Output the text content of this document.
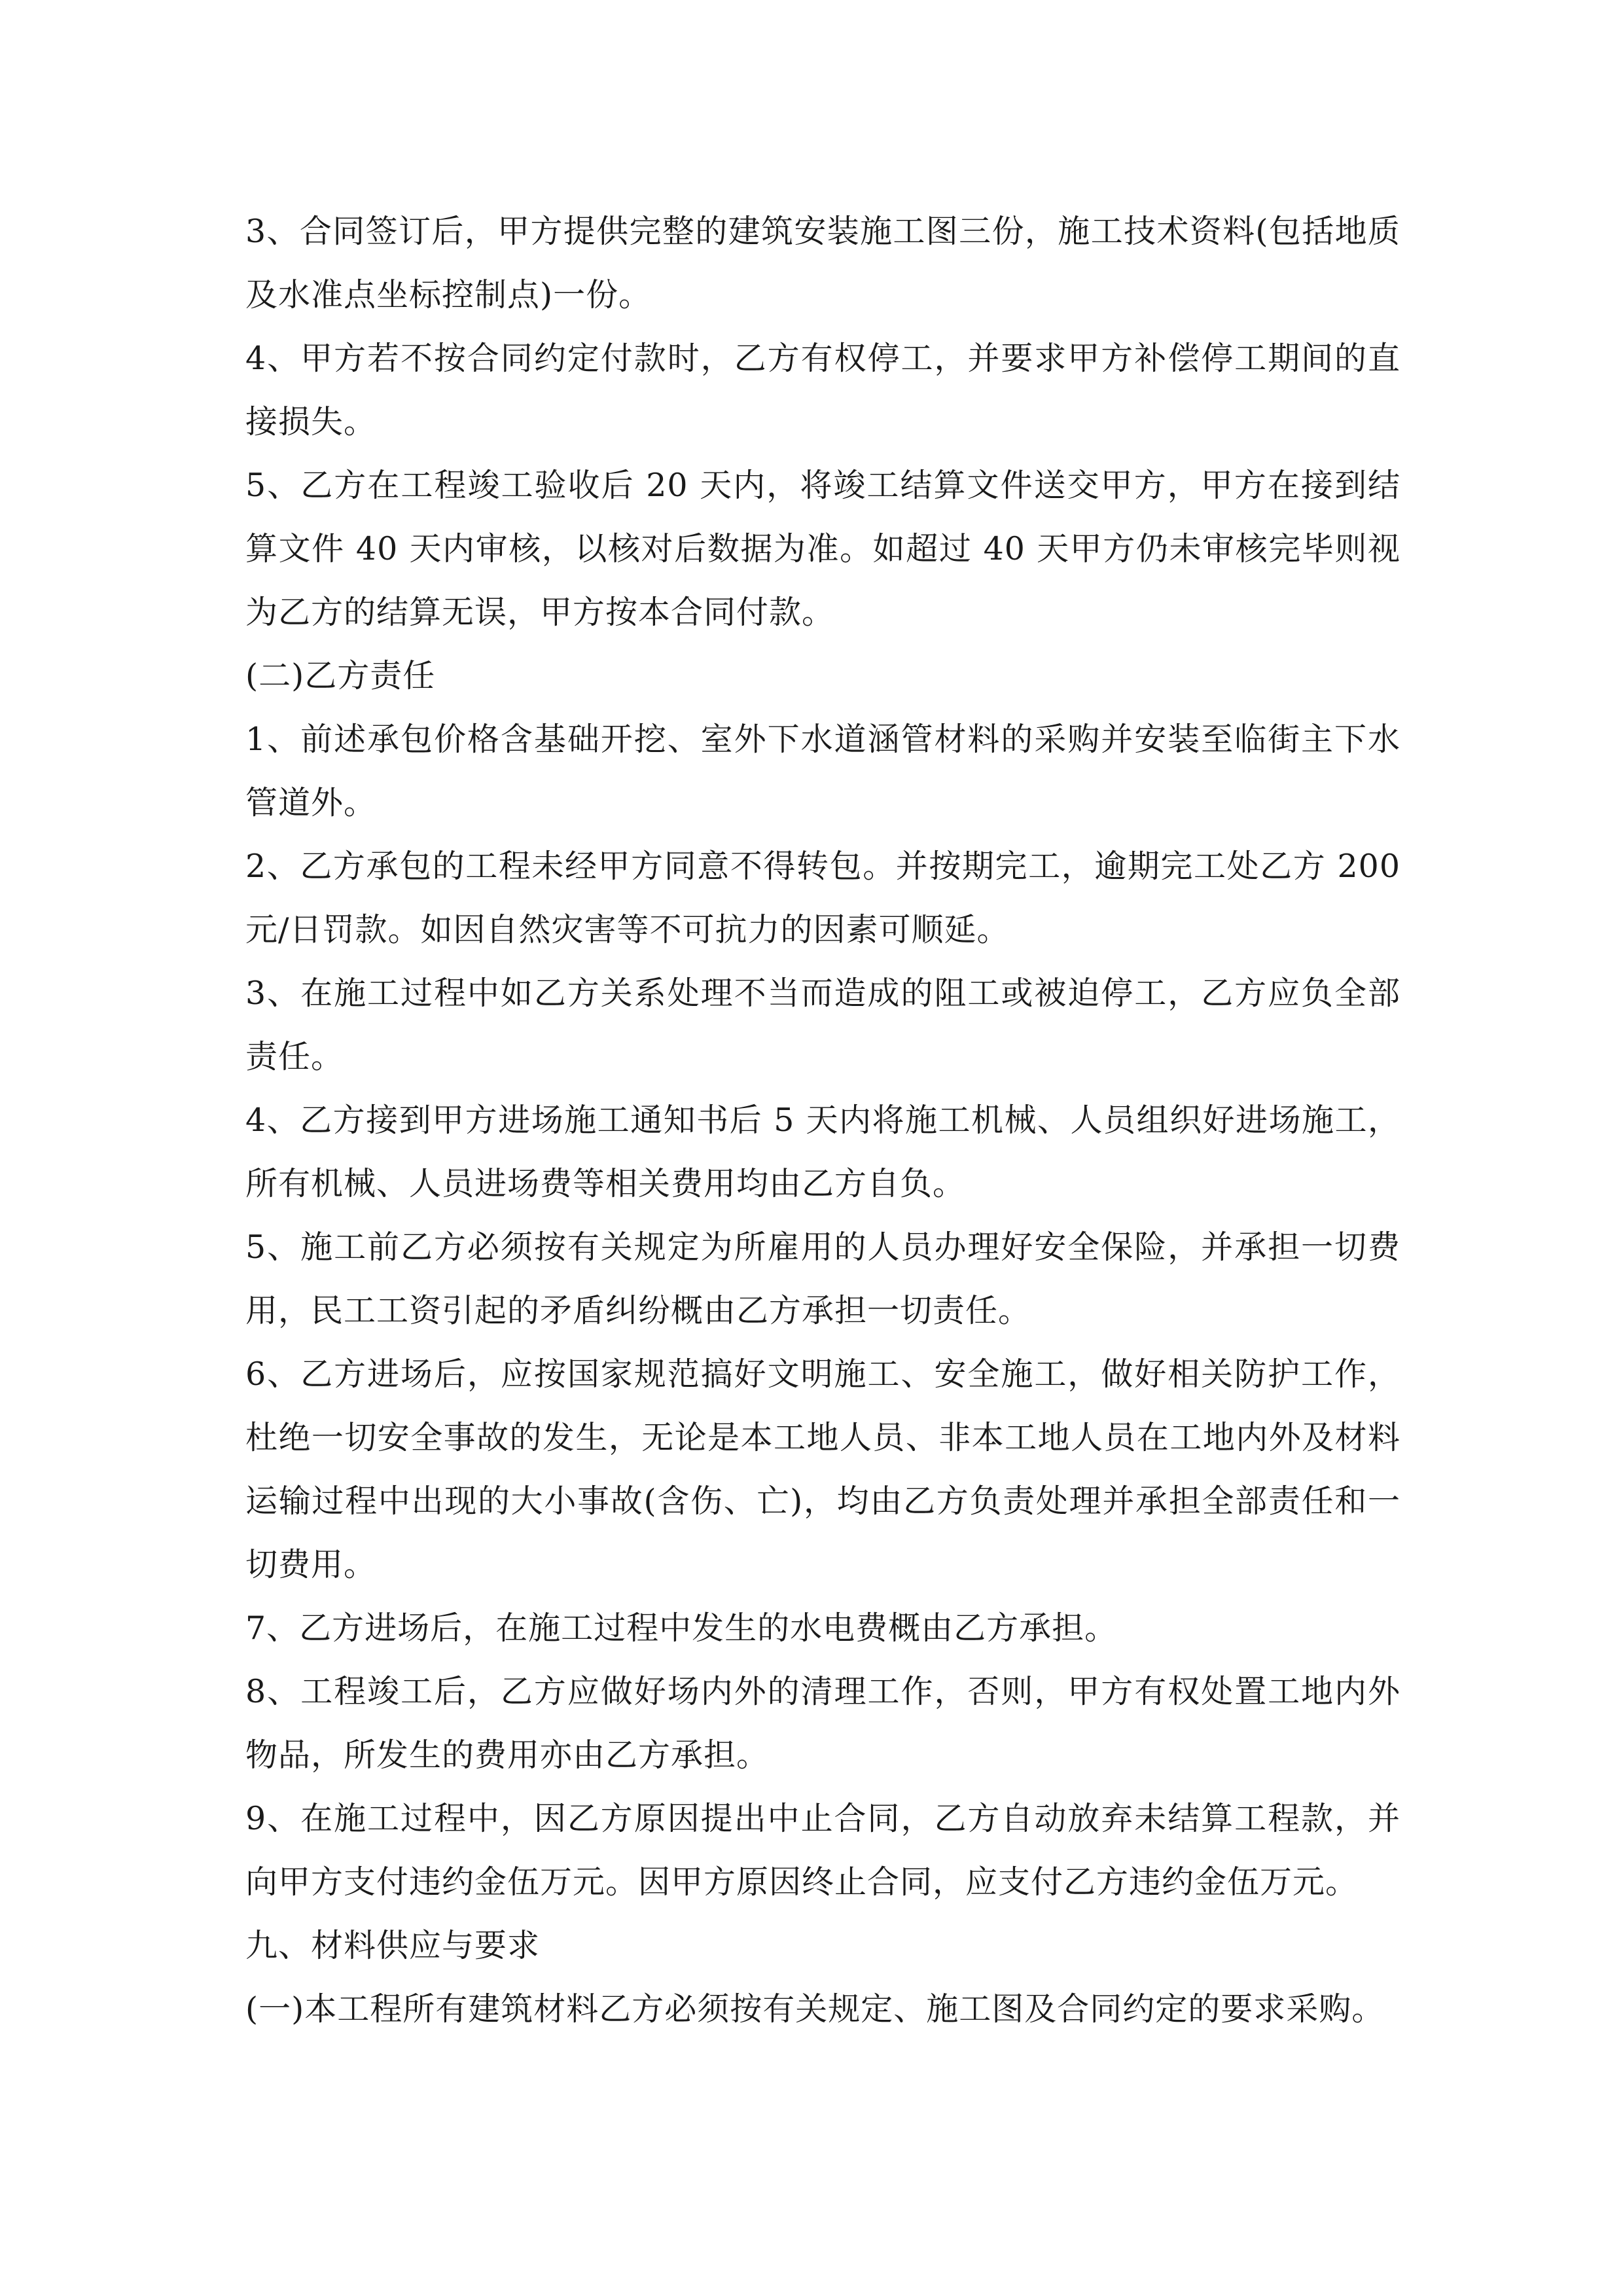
3、合同签订后，甲方提供完整的建筑安装施工图三份，施工技术资料(包括地质及水准点坐标控制点)一份。

4、甲方若不按合同约定付款时，乙方有权停工，并要求甲方补偿停工期间的直接损失。

5、乙方在工程竣工验收后 20 天内，将竣工结算文件送交甲方，甲方在接到结算文件 40 天内审核，以核对后数据为准。如超过 40 天甲方仍未审核完毕则视为乙方的结算无误，甲方按本合同付款。

(二)乙方责任

1、前述承包价格含基础开挖、室外下水道涵管材料的采购并安装至临街主下水管道外。

2、乙方承包的工程未经甲方同意不得转包。并按期完工，逾期完工处乙方 200 元/日罚款。如因自然灾害等不可抗力的因素可顺延。

3、在施工过程中如乙方关系处理不当而造成的阻工或被迫停工，乙方应负全部责任。

4、乙方接到甲方进场施工通知书后 5 天内将施工机械、人员组织好进场施工，所有机械、人员进场费等相关费用均由乙方自负。

5、施工前乙方必须按有关规定为所雇用的人员办理好安全保险，并承担一切费用，民工工资引起的矛盾纠纷概由乙方承担一切责任。

6、乙方进场后，应按国家规范搞好文明施工、安全施工，做好相关防护工作，杜绝一切安全事故的发生，无论是本工地人员、非本工地人员在工地内外及材料运输过程中出现的大小事故(含伤、亡)，均由乙方负责处理并承担全部责任和一切费用。

7、乙方进场后，在施工过程中发生的水电费概由乙方承担。

8、工程竣工后，乙方应做好场内外的清理工作，否则，甲方有权处置工地内外物品，所发生的费用亦由乙方承担。

9、在施工过程中，因乙方原因提出中止合同，乙方自动放弃未结算工程款，并向甲方支付违约金伍万元。因甲方原因终止合同，应支付乙方违约金伍万元。

九、材料供应与要求

(一)本工程所有建筑材料乙方必须按有关规定、施工图及合同约定的要求采购。
